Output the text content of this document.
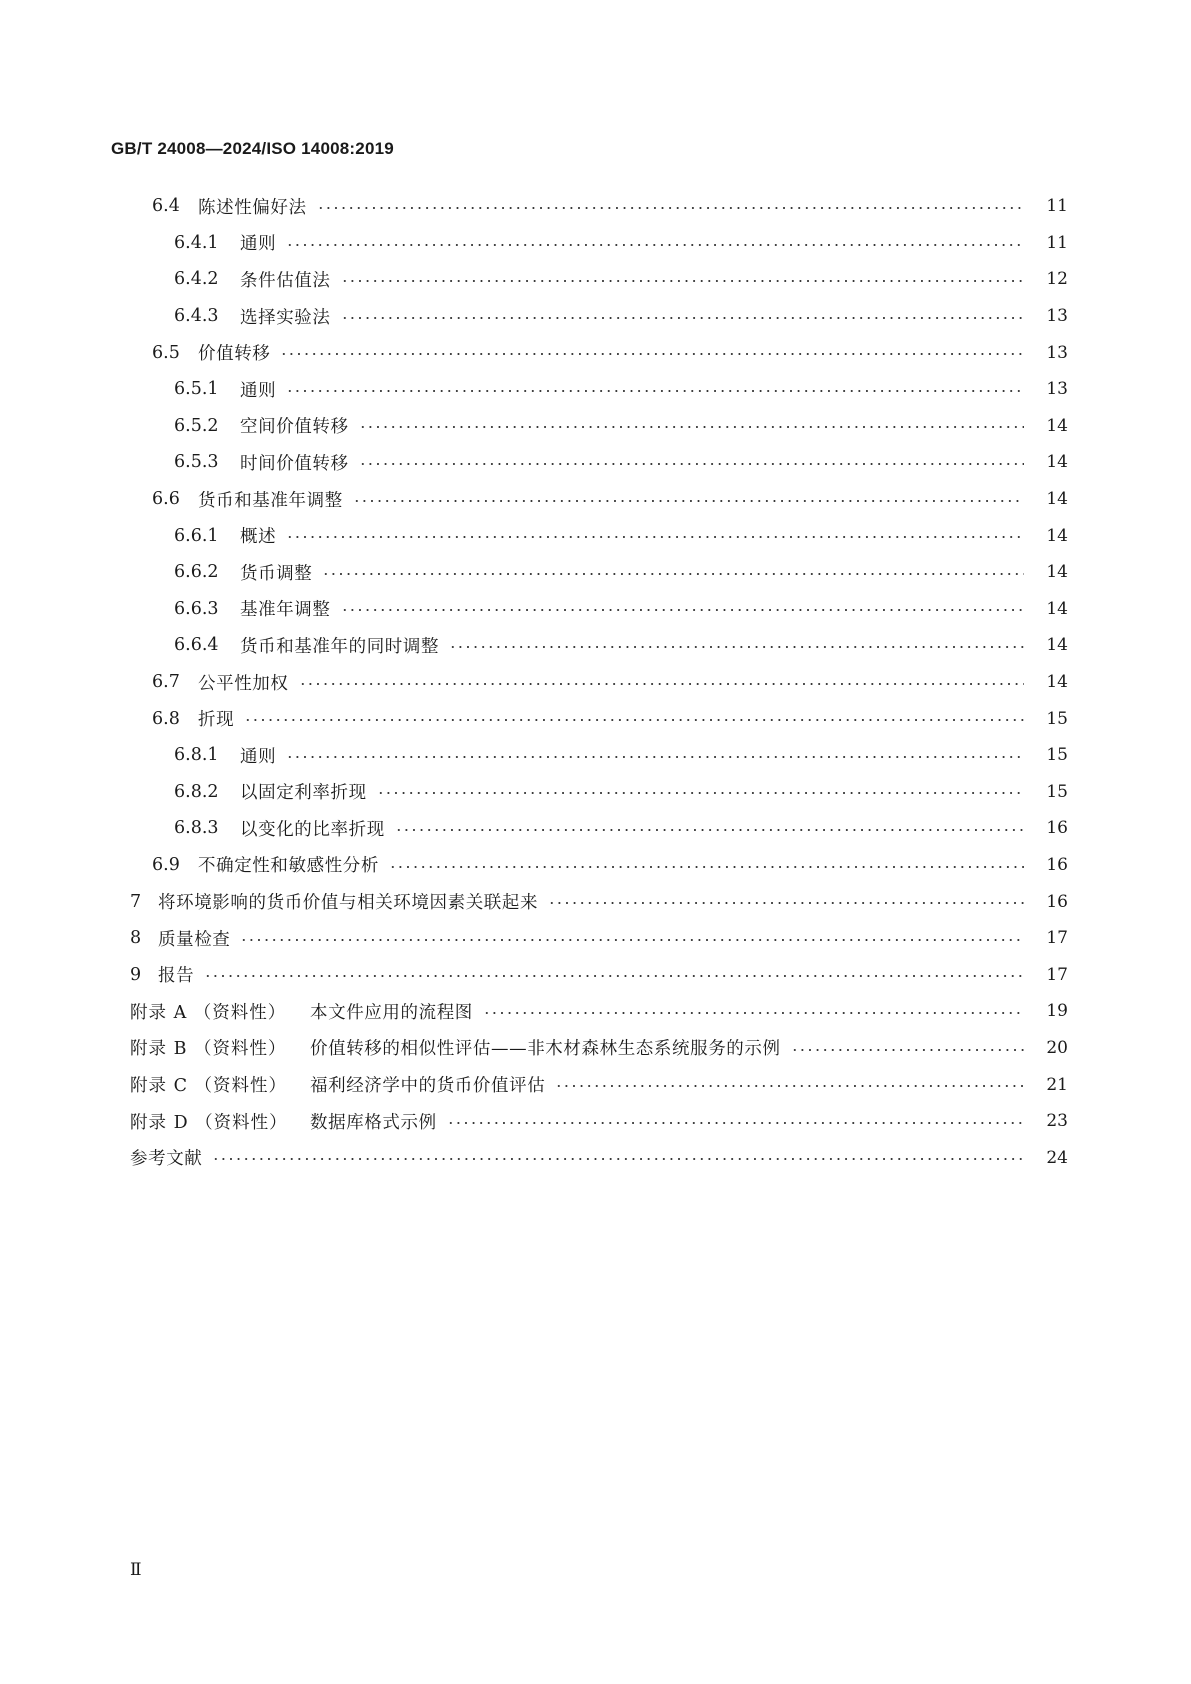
GB/T 24008—2024/ISO 14008:2019
6.4	陈述性偏好法	11
6.4.1	通则	11
6.4.2	条件估值法	12
6.4.3	选择实验法	13
6.5	价值转移	13
6.5.1	通则	13
6.5.2	空间价值转移	14
6.5.3	时间价值转移	14
6.6	货币和基准年调整	14
6.6.1	概述	14
6.6.2	货币调整	14
6.6.3	基准年调整	14
6.6.4	货币和基准年的同时调整	14
6.7	公平性加权	14
6.8	折现	15
6.8.1	通则	15
6.8.2	以固定利率折现	15
6.8.3	以变化的比率折现	16
6.9	不确定性和敏感性分析	16
7 将环境影响的货币价值与相关环境因素关联起来	16
8 质量检查	17
9 报告	17
附录 A （资料性）	本文件应用的流程图	19
附录 B （资料性）	价值转移的相似性评估——非木材森林生态系统服务的示例	20
附录 C （资料性）	福利经济学中的货币价值评估	21
附录 D （资料性）	数据库格式示例	23
参考文献	24
Ⅱ
